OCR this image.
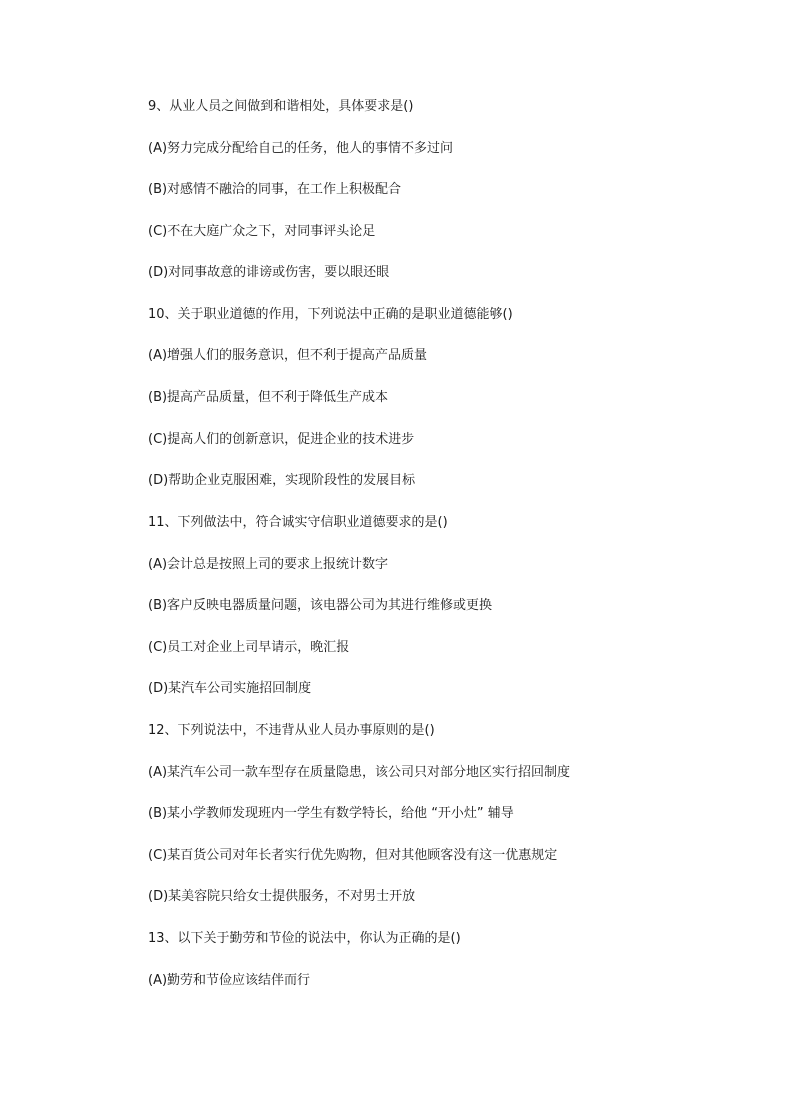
9、从业人员之间做到和谐相处，具体要求是()
(A)努力完成分配给自己的任务，他人的事情不多过问
(B)对感情不融洽的同事，在工作上积极配合
(C)不在大庭广众之下，对同事评头论足
(D)对同事故意的诽谤或伤害，要以眼还眼
10、关于职业道德的作用，下列说法中正确的是职业道德能够()
(A)增强人们的服务意识，但不利于提高产品质量
(B)提高产品质量，但不利于降低生产成本
(C)提高人们的创新意识，促进企业的技术进步
(D)帮助企业克服困难，实现阶段性的发展目标
11、下列做法中，符合诚实守信职业道德要求的是()
(A)会计总是按照上司的要求上报统计数字
(B)客户反映电器质量问题，该电器公司为其进行维修或更换
(C)员工对企业上司早请示，晚汇报
(D)某汽车公司实施招回制度
12、下列说法中，不违背从业人员办事原则的是()
(A)某汽车公司一款车型存在质量隐患，该公司只对部分地区实行招回制度
(B)某小学教师发现班内一学生有数学特长，给他 “开小灶” 辅导
(C)某百货公司对年长者实行优先购物，但对其他顾客没有这一优惠规定
(D)某美容院只给女士提供服务，不对男士开放
13、以下关于勤劳和节俭的说法中，你认为正确的是()
(A)勤劳和节俭应该结伴而行
